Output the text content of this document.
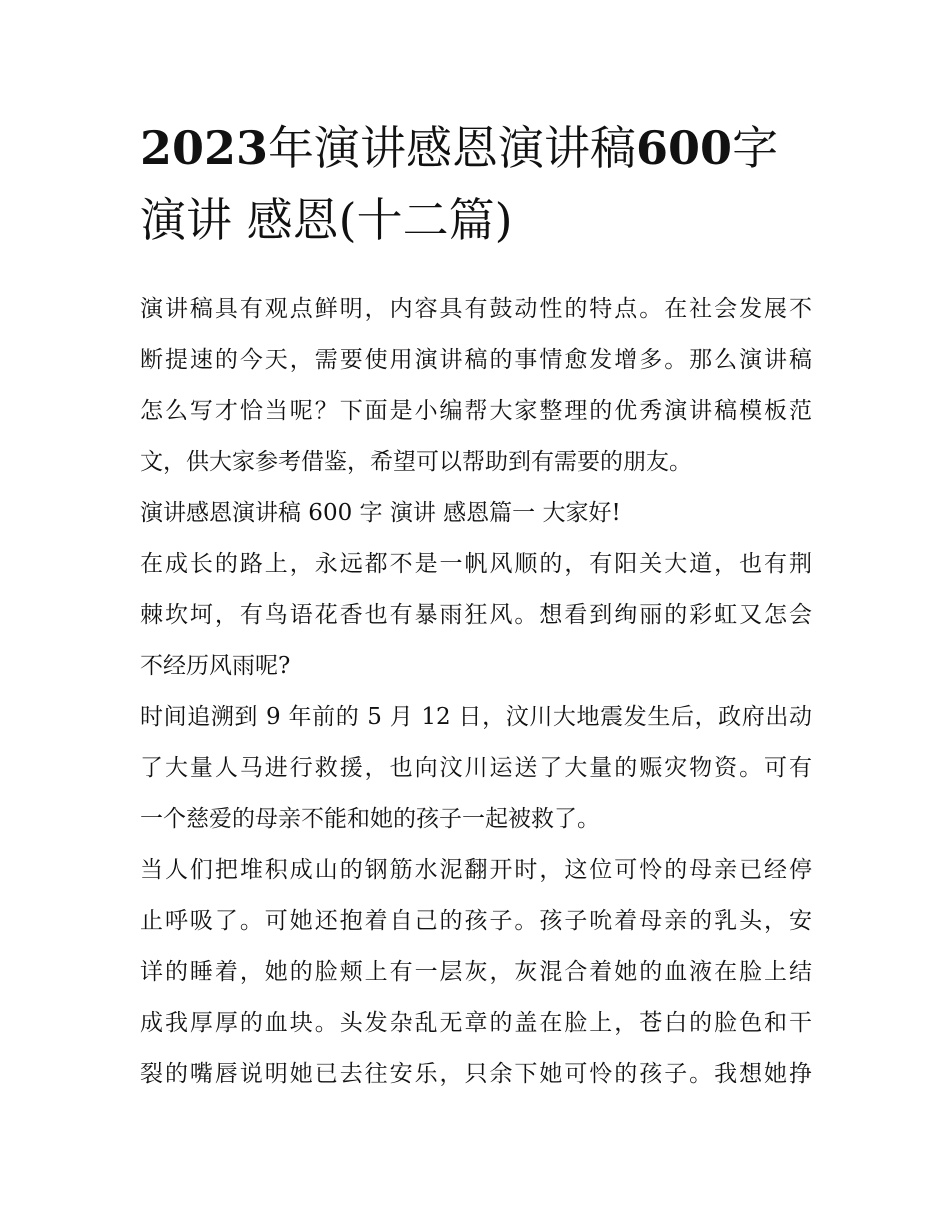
2023年演讲感恩演讲稿600字
演讲 感恩(十二篇)

演讲稿具有观点鲜明，内容具有鼓动性的特点。在社会发展不
断提速的今天，需要使用演讲稿的事情愈发增多。那么演讲稿
怎么写才恰当呢？下面是小编帮大家整理的优秀演讲稿模板范
文，供大家参考借鉴，希望可以帮助到有需要的朋友。

演讲感恩演讲稿 600 字 演讲 感恩篇一 大家好!

在成长的路上，永远都不是一帆风顺的，有阳关大道，也有荆
棘坎坷，有鸟语花香也有暴雨狂风。想看到绚丽的彩虹又怎会
不经历风雨呢?

时间追溯到 9 年前的 5 月 12 日，汶川大地震发生后，政府出动
了大量人马进行救援，也向汶川运送了大量的赈灾物资。可有
一个慈爱的母亲不能和她的孩子一起被救了。

当人们把堆积成山的钢筋水泥翻开时，这位可怜的母亲已经停
止呼吸了。可她还抱着自己的孩子。孩子吮着母亲的乳头，安
详的睡着，她的脸颊上有一层灰，灰混合着她的血液在脸上结
成我厚厚的血块。头发杂乱无章的盖在脸上，苍白的脸色和干
裂的嘴唇说明她已去往安乐，只余下她可怜的孩子。我想她挣
